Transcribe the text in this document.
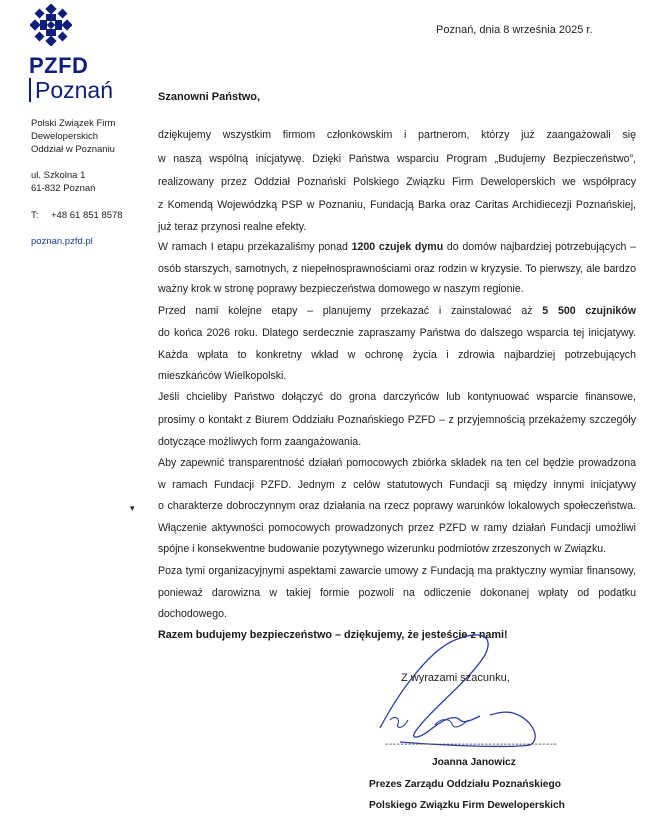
PZFD
Poznań
Polski Związek Firm
Deweloperskich
Oddział w Poznaniu
ul. Szkolna 1
61-832 Poznań
T: +48 61 851 8578
poznan.pzfd.pl
Poznań, dnia 8 września 2025 r.
Szanowni Państwo,
dziękujemy wszystkim firmom członkowskim i partnerom, którzy już zaangażowali się
w naszą wspólną inicjatywę. Dzięki Państwa wsparciu Program „Budujemy Bezpieczeństwo”,
realizowany przez Oddział Poznański Polskiego Związku Firm Deweloperskich we współpracy
z Komendą Wojewódzką PSP w Poznaniu, Fundacją Barka oraz Caritas Archidiecezji Poznańskiej,
już teraz przynosi realne efekty.
W ramach I etapu przekazaliśmy ponad 1200 czujek dymu do domów najbardziej potrzebujących –
osób starszych, samotnych, z niepełnosprawnościami oraz rodzin w kryzysie. To pierwszy, ale bardzo
ważny krok w stronę poprawy bezpieczeństwa domowego w naszym regionie.
Przed nami kolejne etapy – planujemy przekazać i zainstalować aż 5 500 czujników
do końca 2026 roku. Dlatego serdecznie zapraszamy Państwa do dalszego wsparcia tej inicjatywy.
Każda wpłata to konkretny wkład w ochronę życia i zdrowia najbardziej potrzebujących
mieszkańców Wielkopolski.
Jeśli chcieliby Państwo dołączyć do grona darczyńców lub kontynuować wsparcie finansowe,
prosimy o kontakt z Biurem Oddziału Poznańskiego PZFD – z przyjemnością przekażemy szczegóły
dotyczące możliwych form zaangażowania.
Aby zapewnić transparentność działań pomocowych zbiórka składek na ten cel będzie prowadzona
w ramach Fundacji PZFD. Jednym z celów statutowych Fundacji są między innymi inicjatywy
o charakterze dobroczynnym oraz działania na rzecz poprawy warunków lokalowych społeczeństwa.
Włączenie aktywności pomocowych prowadzonych przez PZFD w ramy działań Fundacji umożliwi
spójne i konsekwentne budowanie pozytywnego wizerunku podmiotów zrzeszonych w Związku.
Poza tymi organizacyjnymi aspektami zawarcie umowy z Fundacją ma praktyczny wymiar finansowy,
ponieważ darowizna w takiej formie pozwoli na odliczenie dokonanej wpłaty od podatku
dochodowego.
▾
Razem budujemy bezpieczeństwo – dziękujemy, że jesteście z nami!
Z wyrazami szacunku,
---------------------------------------------
Joanna Janowicz
Prezes Zarządu Oddziału Poznańskiego
Polskiego Związku Firm Deweloperskich
